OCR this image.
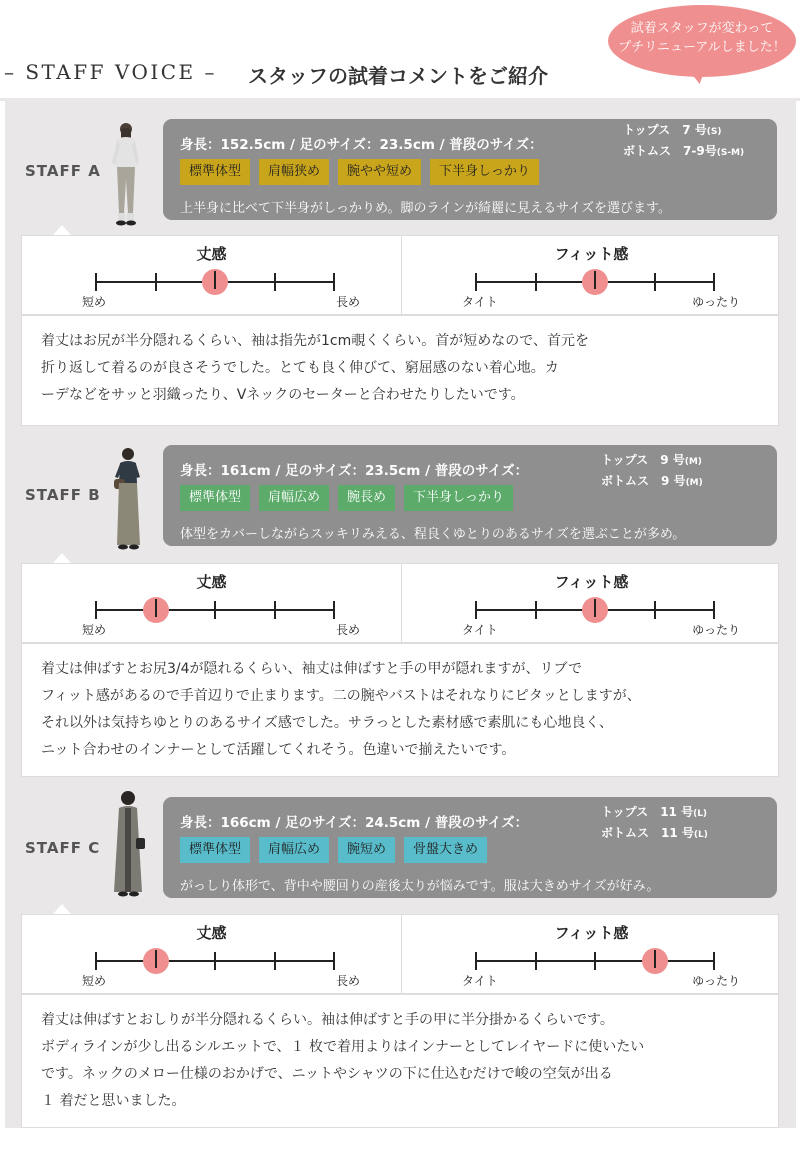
– STAFF VOICE – スタッフの試着コメントをご紹介
試着スタッフが変わって
プチリニューアルしました！
STAFF A
身長：152.5cm / 足のサイズ：23.5cm / 普段のサイズ：
トップス　 7 号(S)
ボトムス　 7-9号(S-M)
標準体型	肩幅狭め	腕やや短め	下半身しっかり
上半身に比べて下半身がしっかりめ。脚のラインが綺麗に見えるサイズを選びます。
丈感
短め	長め
フィット感
タイト	ゆったり

着丈はお尻が半分隠れるくらい、袖は指先が1cm覗くくらい。首が短めなので、首元を

折り返して着るのが良さそうでした。とても良く伸びて、窮屈感のない着心地。カ

ーデなどをサッと羽織ったり、Vネックのセーターと合わせたりしたいです。

STAFF B
身長：161cm / 足のサイズ：23.5cm / 普段のサイズ：
トップス　 9 号(M)
ボトムス　 9 号(M)
標準体型	肩幅広め	腕長め	下半身しっかり
体型をカバーしながらスッキリみえる、程良くゆとりのあるサイズを選ぶことが多め。
丈感
短め	長め
フィット感
タイト	ゆったり

着丈は伸ばすとお尻3/4が隠れるくらい、袖丈は伸ばすと手の甲が隠れますが、リブで

フィット感があるので手首辺りで止まります。二の腕やバストはそれなりにピタッとしますが、

それ以外は気持ちゆとりのあるサイズ感でした。サラっとした素材感で素肌にも心地良く、

ニット合わせのインナーとして活躍してくれそう。色違いで揃えたいです。

STAFF C
身長：166cm / 足のサイズ：24.5cm / 普段のサイズ：
トップス　 11 号(L)
ボトムス　 11 号(L)
標準体型	肩幅広め	腕短め	骨盤大きめ
がっしり体形で、背中や腰回りの産後太りが悩みです。服は大きめサイズが好み。
丈感
短め	長め
フィット感
タイト	ゆったり

着丈は伸ばすとおしりが半分隠れるくらい。袖は伸ばすと手の甲に半分掛かるくらいです。

ボディラインが少し出るシルエットで、１ 枚で着用よりはインナーとしてレイヤードに使いたい

です。ネックのメロー仕様のおかげで、ニットやシャツの下に仕込むだけで峻の空気が出る

１ 着だと思いました。
